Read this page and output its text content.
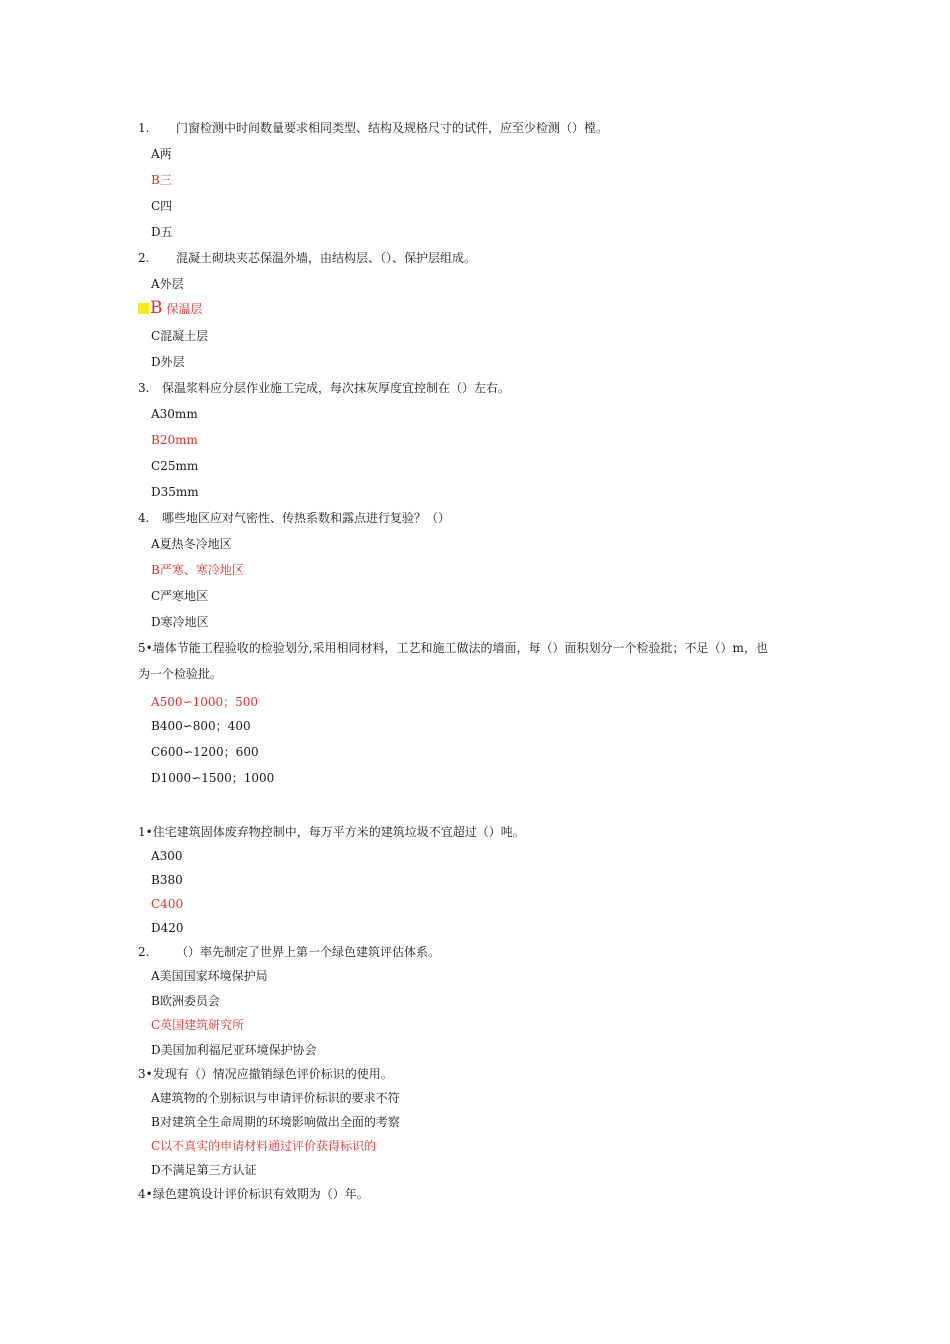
1. 门窗检测中时间数量要求相同类型、结构及规格尺寸的试件，应至少检测（）樘。
A两
B三
C四
D五
2. 混凝土砌块夹芯保温外墙，由结构层、（）、保护层组成。
A外层
B 保温层
C混凝土层
D外层
3. 保温浆料应分层作业施工完成，每次抹灰厚度宜控制在（）左右。
A30mm
B20mm
C25mm
D35mm
4. 哪些地区应对气密性、传热系数和露点进行复验？（）
A夏热冬冷地区
B严寒、寒冷地区
C严寒地区
D寒冷地区
5•墙体节能工程验收的检验划分,采用相同材料，工艺和施工做法的墙面，每（）面积划分一个检验批；不足（）m，也
为一个检验批。
A500∽1000；500
B400∽800；400
C600∽1200；600
D1000∽1500；1000
1•住宅建筑固体废弃物控制中，每万平方米的建筑垃圾不宜超过（）吨。
A300
B380
C400
D420
2. （）率先制定了世界上第一个绿色建筑评估体系。
A美国国家环境保护局
B欧洲委员会
C英国建筑研究所
D美国加利福尼亚环境保护协会
3•发现有（）情况应撤销绿色评价标识的使用。
A建筑物的个别标识与申请评价标识的要求不符
B对建筑全生命周期的环境影响做出全面的考察
C以不真实的申请材料通过评价获得标识的
D不满足第三方认证
4•绿色建筑设计评价标识有效期为（）年。
